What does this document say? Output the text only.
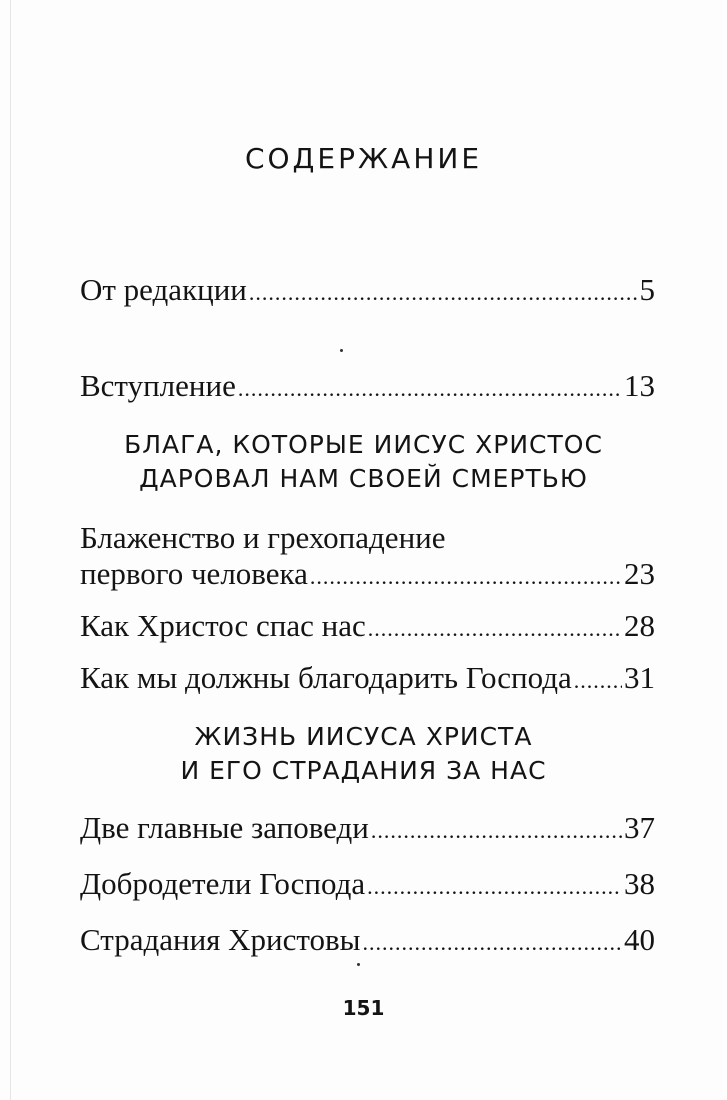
СОДЕРЖАНИЕ
От редакции .....	5
Вступление .....	13
БЛАГА, КОТОРЫЕ ИИСУС ХРИСТОС
ДАРОВАЛ НАМ СВОЕЙ СМЕРТЬЮ
Блаженство и грехопадение
первого человека .....	23
Как Христос спас нас .....	28
Как мы должны благодарить Господа ..... 31
ЖИЗНЬ ИИСУСА ХРИСТА
И ЕГО СТРАДАНИЯ ЗА НАС
Две главные заповеди .....	37
Добродетели Господа .....	38
Страдания Христовы .....	40
151
